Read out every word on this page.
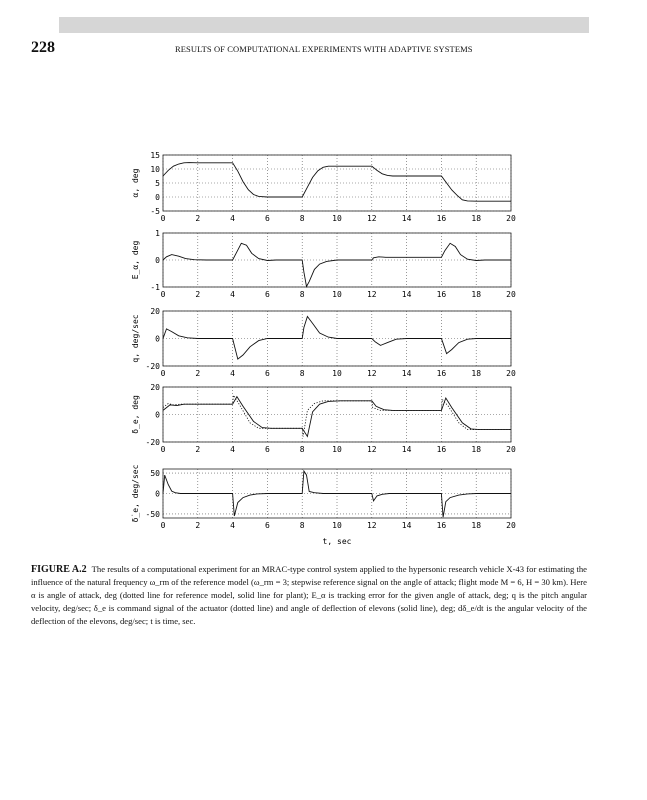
228	RESULTS OF COMPUTATIONAL EXPERIMENTS WITH ADAPTIVE SYSTEMS
0	2	4	6	8	10	12	14	16	18	20
15
10
5
0
-5
α, deg
0	2	4	6	8	10	12	14	16	18	20
1
0
-1
E_α, deg
0	2	4	6	8	10	12	14	16	18	20
20
0
-20
q, deg/sec
0	2	4	6	8	10	12	14	16	18	20
20
0
-20
δ_e, deg
0	2	4	6	8	10	12	14	16	18	20
50
0
-50
δ̇_e, deg/sec
t, sec
FIGURE A.2 The results of a computational experiment for an MRAC-type control system applied to the hypersonic research vehicle X-43 for estimating the influence of the natural frequency ω_rm of the reference model (ω_rm = 3; stepwise reference signal on the angle of attack; flight mode M = 6, H = 30 km). Here α is angle of attack, deg (dotted line for reference model, solid line for plant); E_α is tracking error for the given angle of attack, deg; q is the pitch angular velocity, deg/sec; δ_e is command signal of the actuator (dotted line) and angle of deflection of elevons (solid line), deg; dδ_e/dt is the angular velocity of the deflection of the elevons, deg/sec; t is time, sec.
